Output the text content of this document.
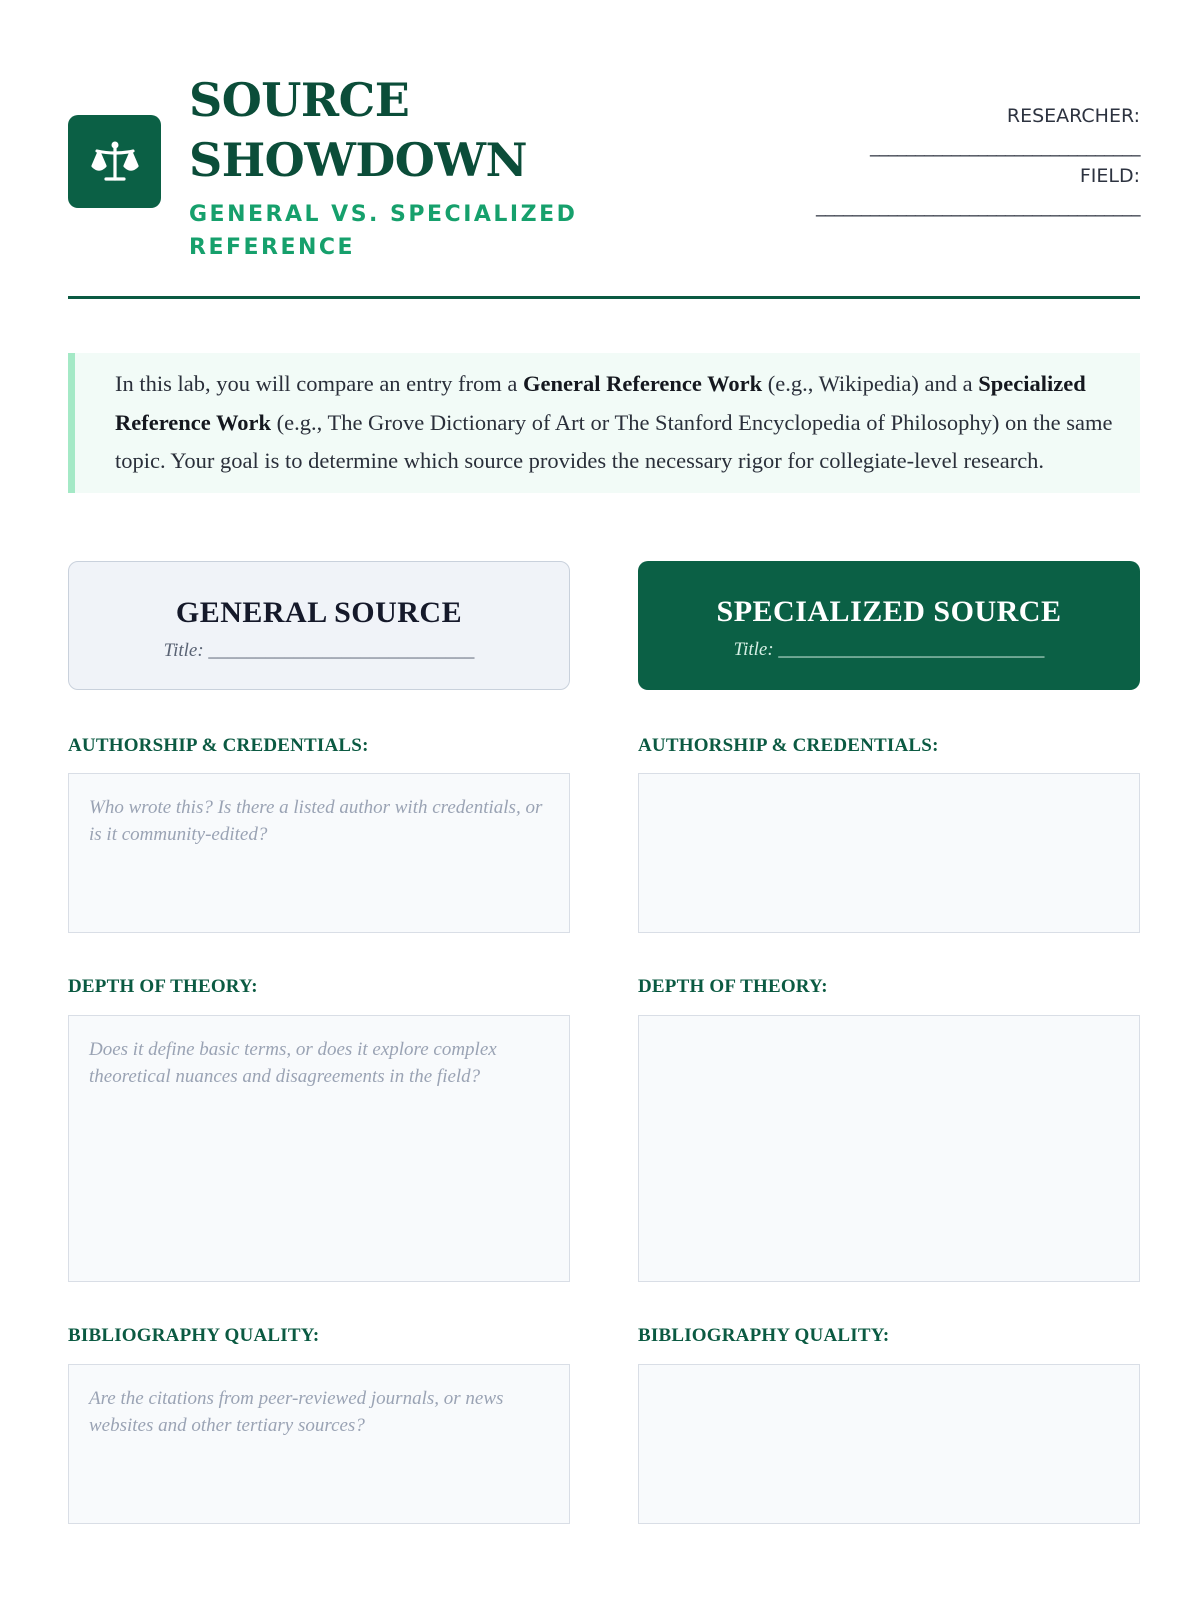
SOURCE
SHOWDOWN
GENERAL VS. SPECIALIZED
REFERENCE
RESEARCHER:
______________________________
FIELD:
____________________________________
In this lab, you will compare an entry from a General Reference Work (e.g., Wikipedia) and a Specialized Reference Work (e.g., The Grove Dictionary of Art or The Stanford Encyclopedia of Philosophy) on the same topic. Your goal is to determine which source provides the necessary rigor for collegiate-level research.
GENERAL SOURCE
Title: ____________________________
SPECIALIZED SOURCE
Title: ____________________________
AUTHORSHIP & CREDENTIALS:	AUTHORSHIP & CREDENTIALS:
Who wrote this? Is there a listed author with credentials, or is it community-edited?
DEPTH OF THEORY:	DEPTH OF THEORY:
Does it define basic terms, or does it explore complex theoretical nuances and disagreements in the field?
BIBLIOGRAPHY QUALITY:	BIBLIOGRAPHY QUALITY:
Are the citations from peer-reviewed journals, or news websites and other tertiary sources?
